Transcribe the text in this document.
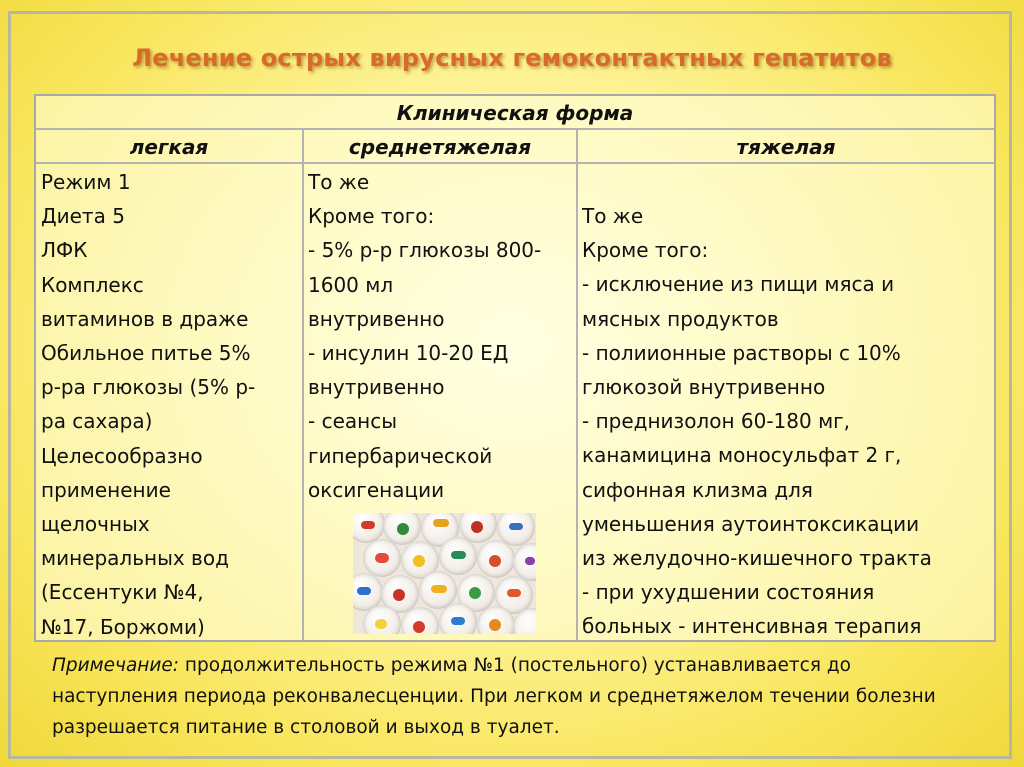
Лечение острых вирусных гемоконтактных гепатитов
Клиническая форма
легкая	среднетяжелая	тяжелая
Режим 1
Диета 5
ЛФК
Комплекс
витаминов в драже
Обильное питье 5%
р-ра глюкозы (5% р-
ра сахара)
Целесообразно
применение
щелочных
минеральных вод
(Ессентуки №4,
№17, Боржоми)
То же
Кроме того:
- 5% р-р глюкозы 800-
1600 мл
внутривенно
- инсулин 10-20 ЕД
внутривенно
- сеансы
гипербарической
оксигенации
То же
Кроме того:
- исключение из пищи мяса и
мясных продуктов
- полиионные растворы с 10%
глюкозой внутривенно
- преднизолон 60-180 мг,
канамицина моносульфат 2 г,
сифонная клизма для
уменьшения аутоинтоксикации
из желудочно-кишечного тракта
- при ухудшении состояния
больных - интенсивная терапия
Примечание: продолжительность режима №1 (постельного) устанавливается до наступления периода реконвалесценции. При легком и среднетяжелом течении болезни разрешается питание в столовой и выход в туалет.
